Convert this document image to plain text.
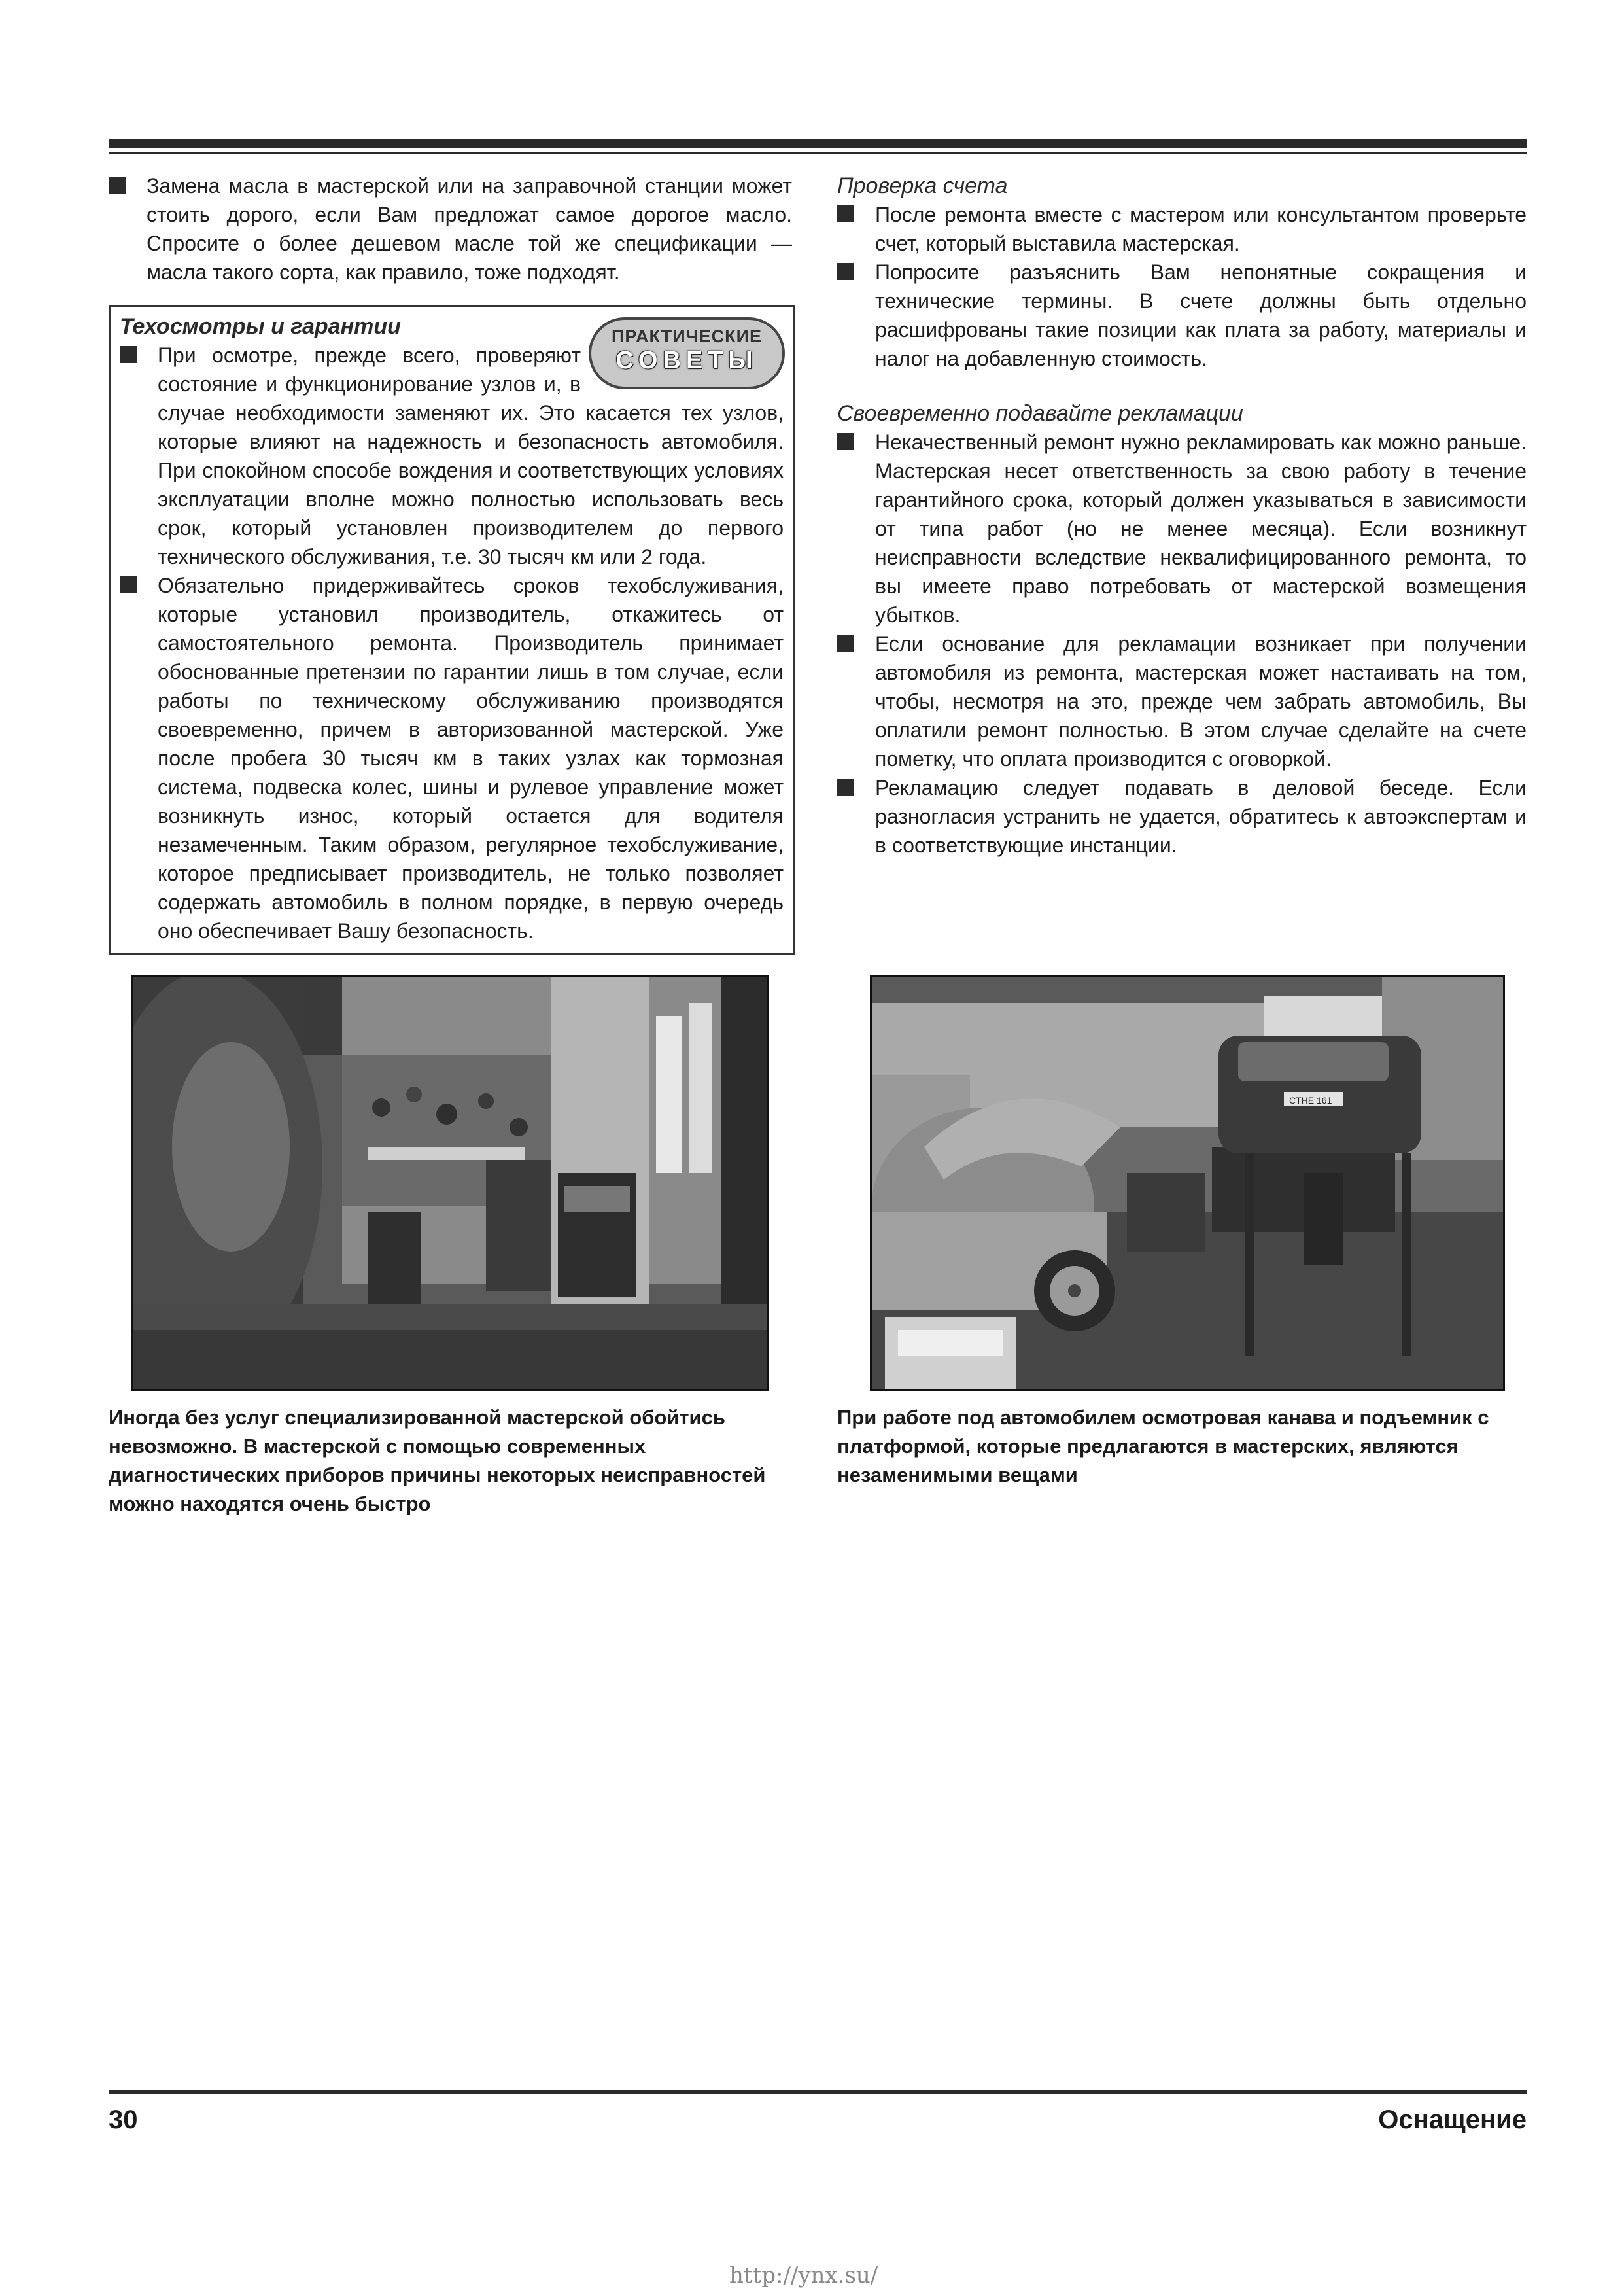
Замена масла в мастерской или на заправочной станции может стоить дорого, если Вам предложат самое дорогое масло. Спросите о более дешевом масле той же спецификации — масла такого сорта, как правило, тоже подходят.

ПРАКТИЧЕСКИЕ
СОВЕТЫ

Техосмотры и гарантии

При осмотре, прежде всего, проверяют состояние и функционирование узлов и, в случае необходимости заменяют их. Это касается тех узлов, которые влияют на надежность и безопасность автомобиля. При спокойном способе вождения и соответствующих условиях эксплуатации вполне можно полностью использовать весь срок, который установлен производителем до первого технического обслуживания, т.е. 30 тысяч км или 2 года.

Обязательно придерживайтесь сроков техобслуживания, которые установил производитель, откажитесь от самостоятельного ремонта. Производитель принимает обоснованные претензии по гарантии лишь в том случае, если работы по техническому обслуживанию производятся своевременно, причем в авторизованной мастерской. Уже после пробега 30 тысяч км в таких узлах как тормозная система, подвеска колес, шины и рулевое управление может возникнуть износ, который остается для водителя незамеченным. Таким образом, регулярное техобслуживание, которое предписывает производитель, не только позволяет содержать автомобиль в полном порядке, в первую очередь оно обеспечивает Вашу безопасность.

Проверка счета

После ремонта вместе с мастером или консультантом проверьте счет, который выставила мастерская.

Попросите разъяснить Вам непонятные сокращения и технические термины. В счете должны быть отдельно расшифрованы такие позиции как плата за работу, материалы и налог на добавленную стоимость.

Своевременно подавайте рекламации

Некачественный ремонт нужно рекламировать как можно раньше. Мастерская несет ответственность за свою работу в течение гарантийного срока, который должен указываться в зависимости от типа работ (но не менее месяца). Если возникнут неисправности вследствие неквалифицированного ремонта, то вы имеете право потребовать от мастерской возмещения убытков.

Если основание для рекламации возникает при получении автомобиля из ремонта, мастерская может настаивать на том, чтобы, несмотря на это, прежде чем забрать автомобиль, Вы оплатили ремонт полностью. В этом случае сделайте на счете пометку, что оплата производится с оговоркой.

Рекламацию следует подавать в деловой беседе. Если разногласия устранить не удается, обратитесь к автоэкспертам и в соответствующие инстанции.

CTHE 161

Иногда без услуг специализированной мастерской обойтись невозможно. В мастерской с помощью современных диагностических приборов причины некоторых неисправностей можно находятся очень быстро

При работе под автомобилем осмотровая канава и подъемник с платформой, которые предлагаются в мастерских, являются незаменимыми вещами

30	Оснащение
http://ynx.su/
